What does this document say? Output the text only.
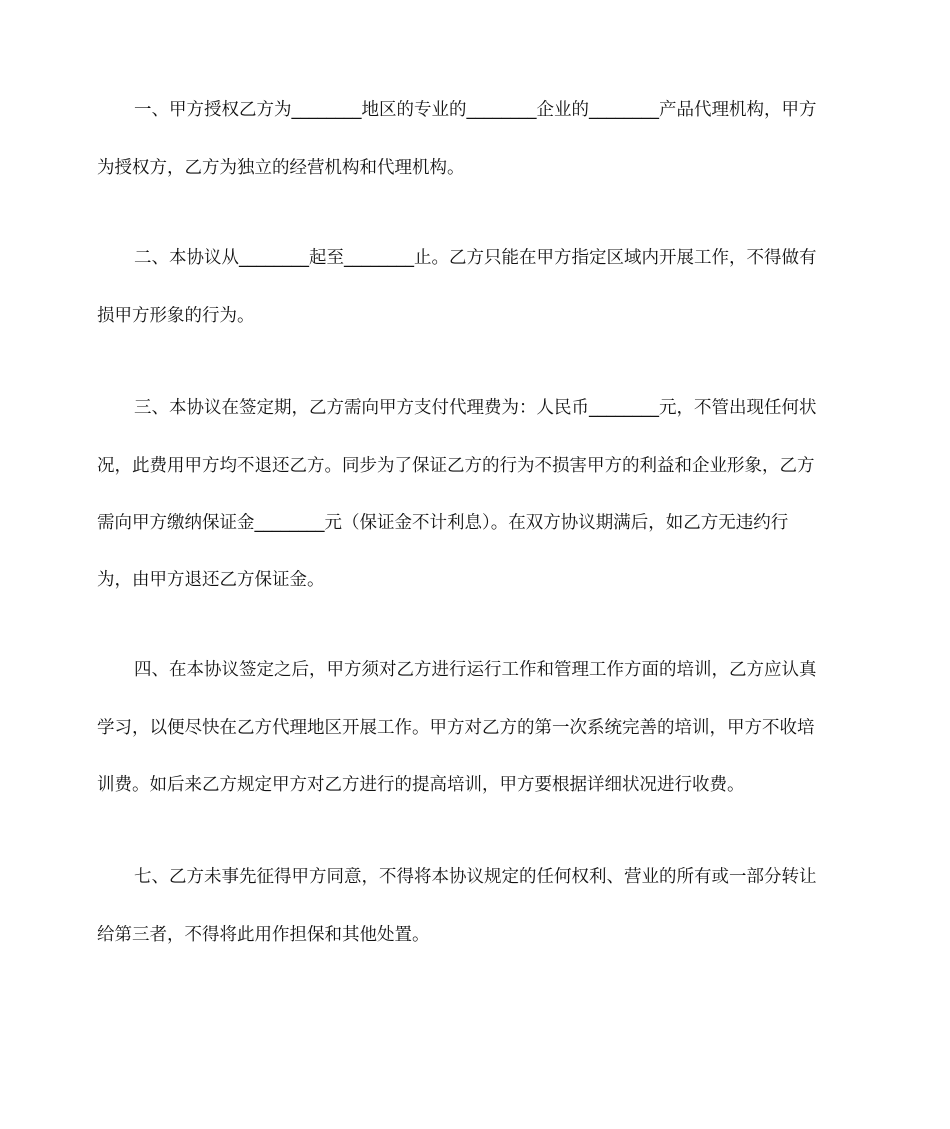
一、甲方授权乙方为________地区的专业的________企业的________产品代理机构，甲方
为授权方，乙方为独立的经营机构和代理机构。
二、本协议从________起至________止。乙方只能在甲方指定区域内开展工作，不得做有
损甲方形象的行为。
三、本协议在签定期，乙方需向甲方支付代理费为：人民币________元，不管出现任何状
况，此费用甲方均不退还乙方。同步为了保证乙方的行为不损害甲方的利益和企业形象，乙方
需向甲方缴纳保证金________元（保证金不计利息）。在双方协议期满后，如乙方无违约行
为，由甲方退还乙方保证金。
四、在本协议签定之后，甲方须对乙方进行运行工作和管理工作方面的培训，乙方应认真
学习，以便尽快在乙方代理地区开展工作。甲方对乙方的第一次系统完善的培训，甲方不收培
训费。如后来乙方规定甲方对乙方进行的提高培训，甲方要根据详细状况进行收费。
七、乙方未事先征得甲方同意，不得将本协议规定的任何权利、营业的所有或一部分转让
给第三者，不得将此用作担保和其他处置。
